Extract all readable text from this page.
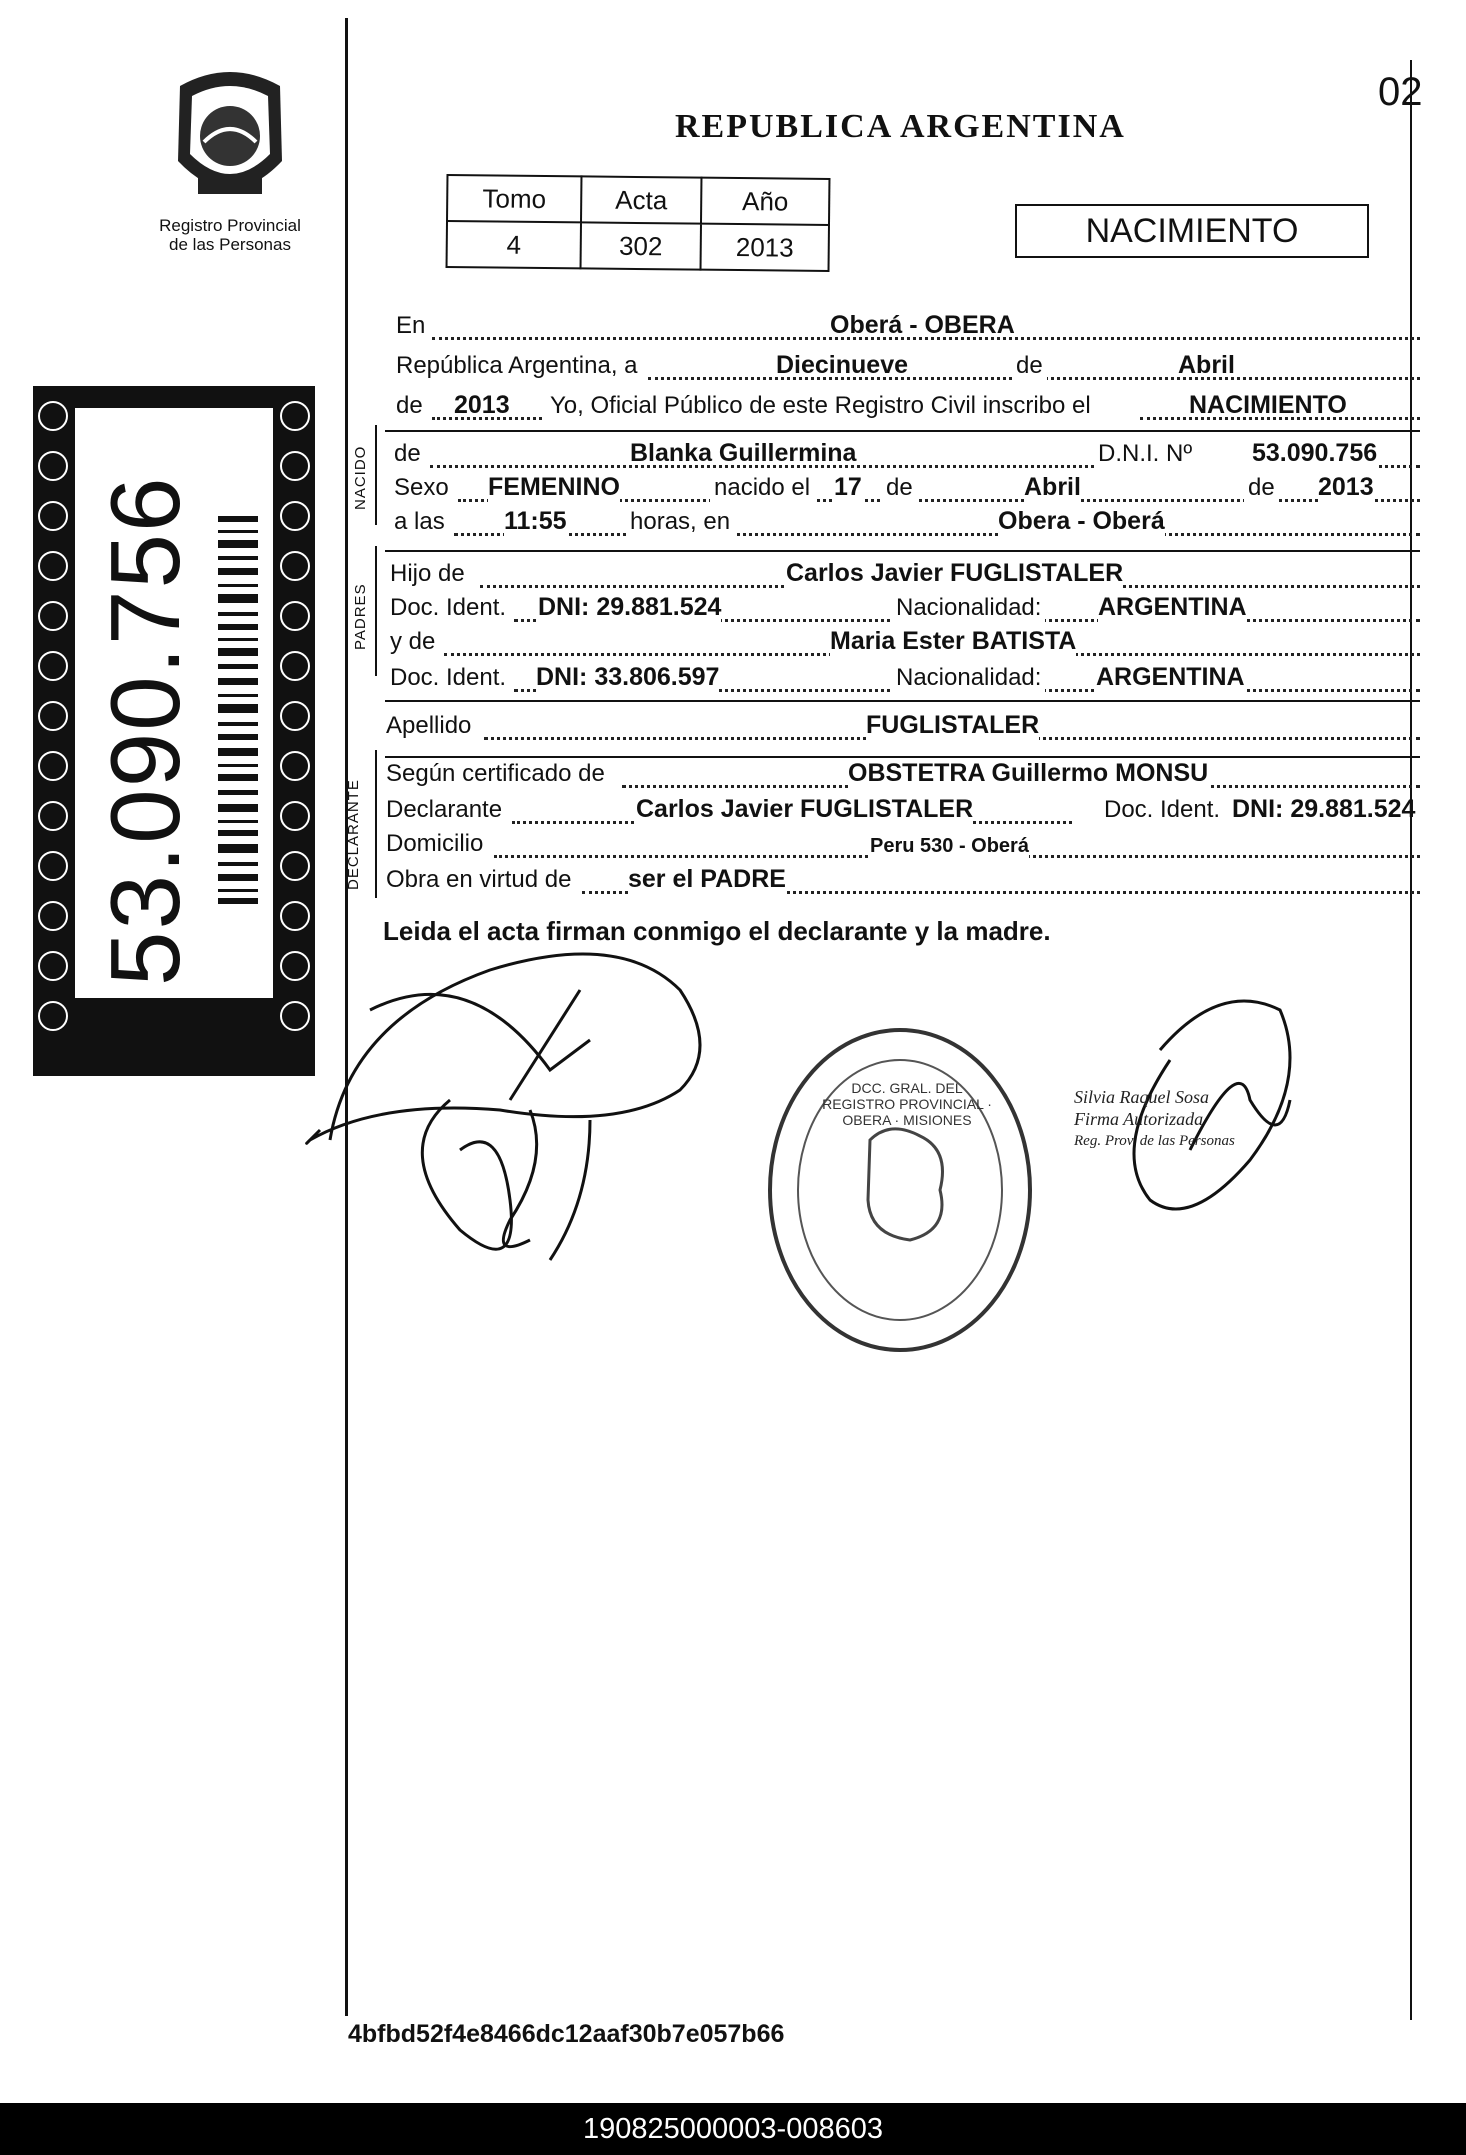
02
Registro Provincial
de las Personas
53.090.756
REPUBLICA ARGENTINA
Tomo	Acta	Año
4	302	2013	NACIMIENTO
NACIDO
PADRES
DECLARANTE
En	Oberá - OBERA
República Argentina, a	Diecinueve	de	Abril
de 2013 Yo, Oficial Público de este Registro Civil inscribo el	NACIMIENTO
de	Blanka Guillermina	D.N.I. Nº 53.090.756
Sexo FEMENINO	nacido el 17 de	Abril	de 2013
a las 11:55	horas, en	Obera - Oberá
Hijo de	Carlos Javier FUGLISTALER
Doc. Ident. DNI: 29.881.524	Nacionalidad: ARGENTINA
y de	Maria Ester BATISTA
Doc. Ident. DNI: 33.806.597	Nacionalidad: ARGENTINA
Apellido	FUGLISTALER
Según certificado de	OBSTETRA Guillermo MONSU
Declarante	Carlos Javier FUGLISTALER	Doc. Ident. DNI: 29.881.524
Domicilio	Peru 530 - Oberá
Obra en virtud de ser el PADRE
Leida el acta firman conmigo el declarante y la madre.
DCC. GRAL. DEL REGISTRO PROVINCIAL · OBERA · MISIONES
Silvia Raquel Sosa
Firma Autorizada
Reg. Prov. de las Personas
4bfbd52f4e8466dc12aaf30b7e057b66
190825000003-008603
